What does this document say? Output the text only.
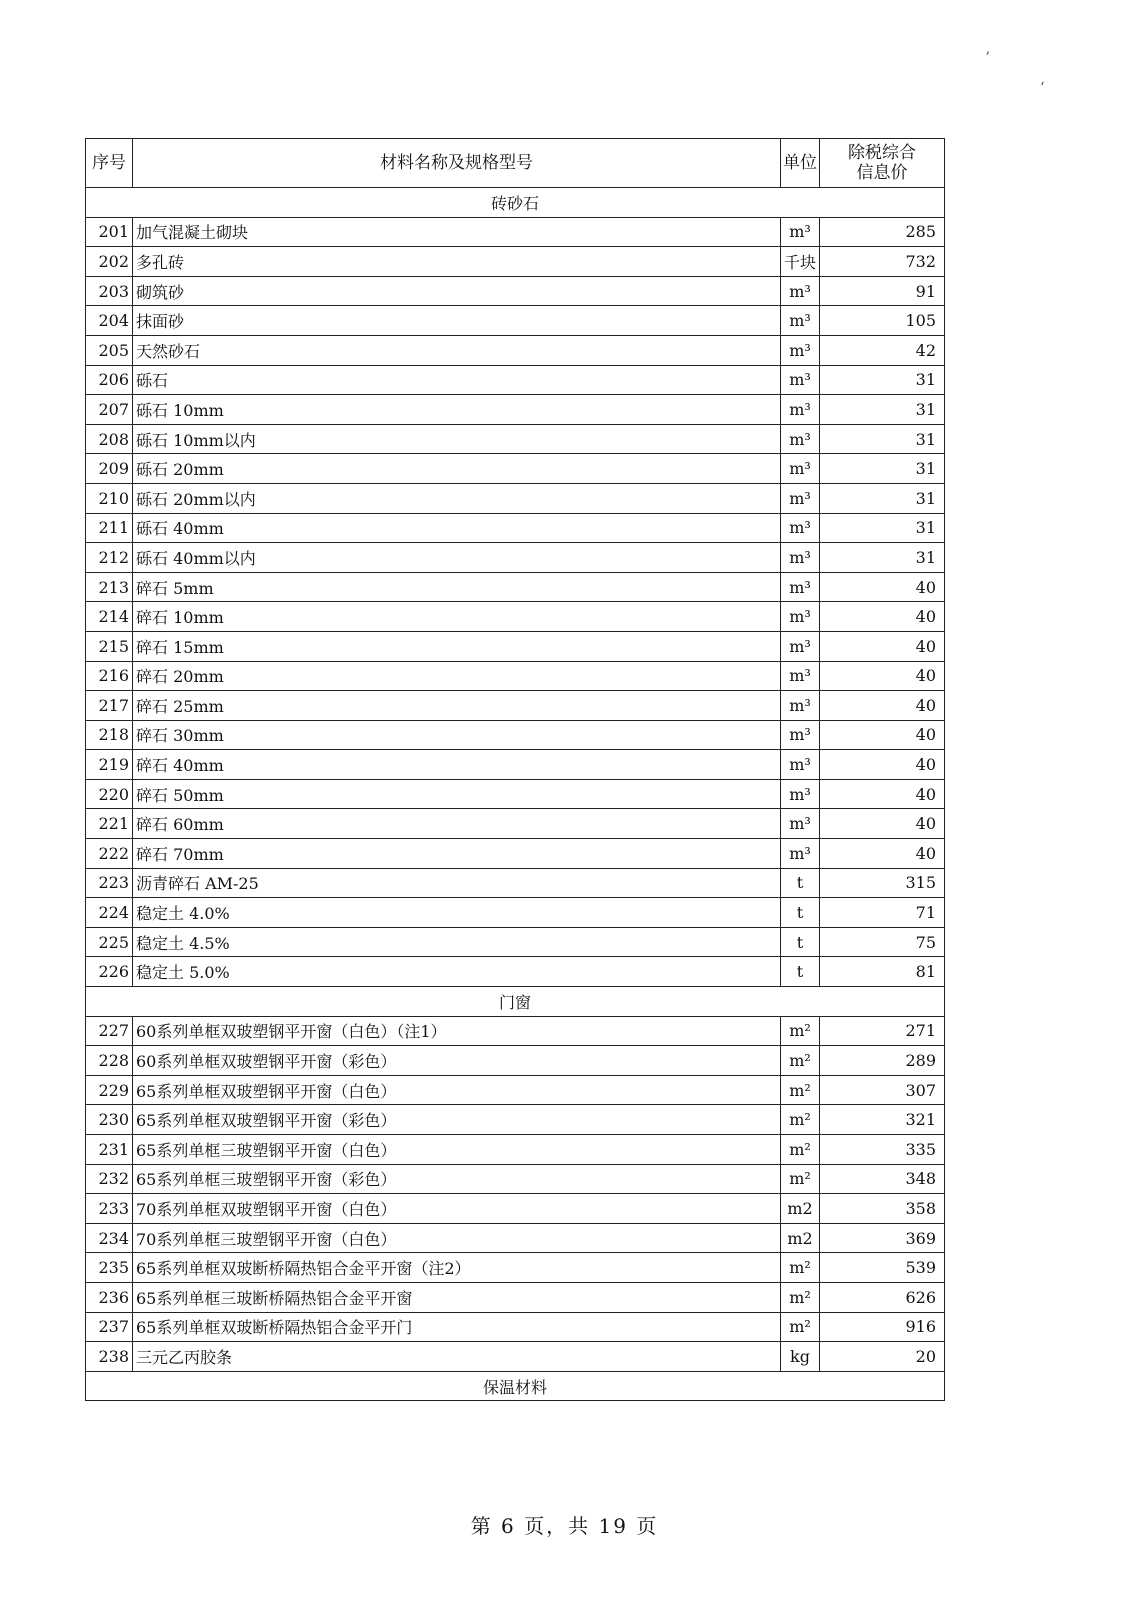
ʼ
ʻ
序号	材料名称及规格型号	单位	除税综合
信息价

砖砂石			
201	加气混凝土砌块	m³	285
202	多孔砖	千块	732
203	砌筑砂	m³	91
204	抹面砂	m³	105
205	天然砂石	m³	42
206	砾石	m³	31
207	砾石 10mm	m³	31
208	砾石 10mm以内	m³	31
209	砾石 20mm	m³	31
210	砾石 20mm以内	m³	31
211	砾石 40mm	m³	31
212	砾石 40mm以内	m³	31
213	碎石 5mm	m³	40
214	碎石 10mm	m³	40
215	碎石 15mm	m³	40
216	碎石 20mm	m³	40
217	碎石 25mm	m³	40
218	碎石 30mm	m³	40
219	碎石 40mm	m³	40
220	碎石 50mm	m³	40
221	碎石 60mm	m³	40
222	碎石 70mm	m³	40
223	沥青碎石 AM-25	t	315
224	稳定土 4.0%	t	71
225	稳定土 4.5%	t	75
226	稳定土 5.0%	t	81
门窗			
227	60系列单框双玻塑钢平开窗（白色）（注1）	m²	271
228	60系列单框双玻塑钢平开窗（彩色）	m²	289
229	65系列单框双玻塑钢平开窗（白色）	m²	307
230	65系列单框双玻塑钢平开窗（彩色）	m²	321
231	65系列单框三玻塑钢平开窗（白色）	m²	335
232	65系列单框三玻塑钢平开窗（彩色）	m²	348
233	70系列单框双玻塑钢平开窗（白色）	m2	358
234	70系列单框三玻塑钢平开窗（白色）	m2	369
235	65系列单框双玻断桥隔热铝合金平开窗（注2）	m²	539
236	65系列单框三玻断桥隔热铝合金平开窗	m²	626
237	65系列单框双玻断桥隔热铝合金平开门	m²	916
238	三元乙丙胶条	kg	20
保温材料			
第 6 页，共 19 页
